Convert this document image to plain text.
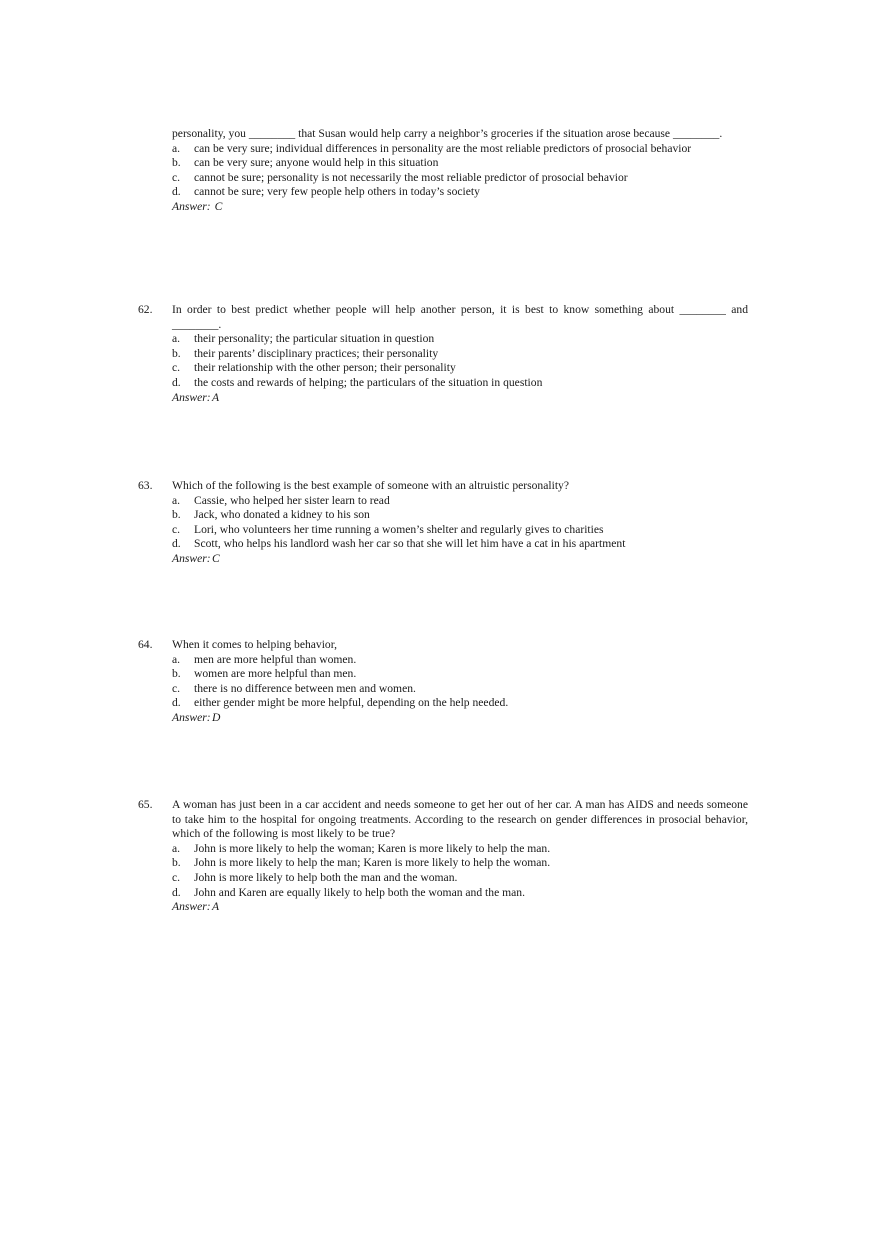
personality, you ________ that Susan would help carry a neighbor’s groceries if the situation arose because ________.
a. can be very sure; individual differences in personality are the most reliable predictors of prosocial behavior
b. can be very sure; anyone would help in this situation
c. cannot be sure; personality is not necessarily the most reliable predictor of prosocial behavior
d. cannot be sure; very few people help others in today’s society
Answer: C
62. In order to best predict whether people will help another person, it is best to know something about ________ and ________.
a. their personality; the particular situation in question
b. their parents’ disciplinary practices; their personality
c. their relationship with the other person; their personality
d. the costs and rewards of helping; the particulars of the situation in question
Answer:A
63. Which of the following is the best example of someone with an altruistic personality?
a. Cassie, who helped her sister learn to read
b. Jack, who donated a kidney to his son
c. Lori, who volunteers her time running a women’s shelter and regularly gives to charities
d. Scott, who helps his landlord wash her car so that she will let him have a cat in his apartment
Answer:C
64. When it comes to helping behavior,
a. men are more helpful than women.
b. women are more helpful than men.
c. there is no difference between men and women.
d. either gender might be more helpful, depending on the help needed.
Answer:D
65. A woman has just been in a car accident and needs someone to get her out of her car. A man has AIDS and needs someone to take him to the hospital for ongoing treatments. According to the research on gender differences in prosocial behavior, which of the following is most likely to be true?
a. John is more likely to help the woman; Karen is more likely to help the man.
b. John is more likely to help the man; Karen is more likely to help the woman.
c. John is more likely to help both the man and the woman.
d. John and Karen are equally likely to help both the woman and the man.
Answer:A
